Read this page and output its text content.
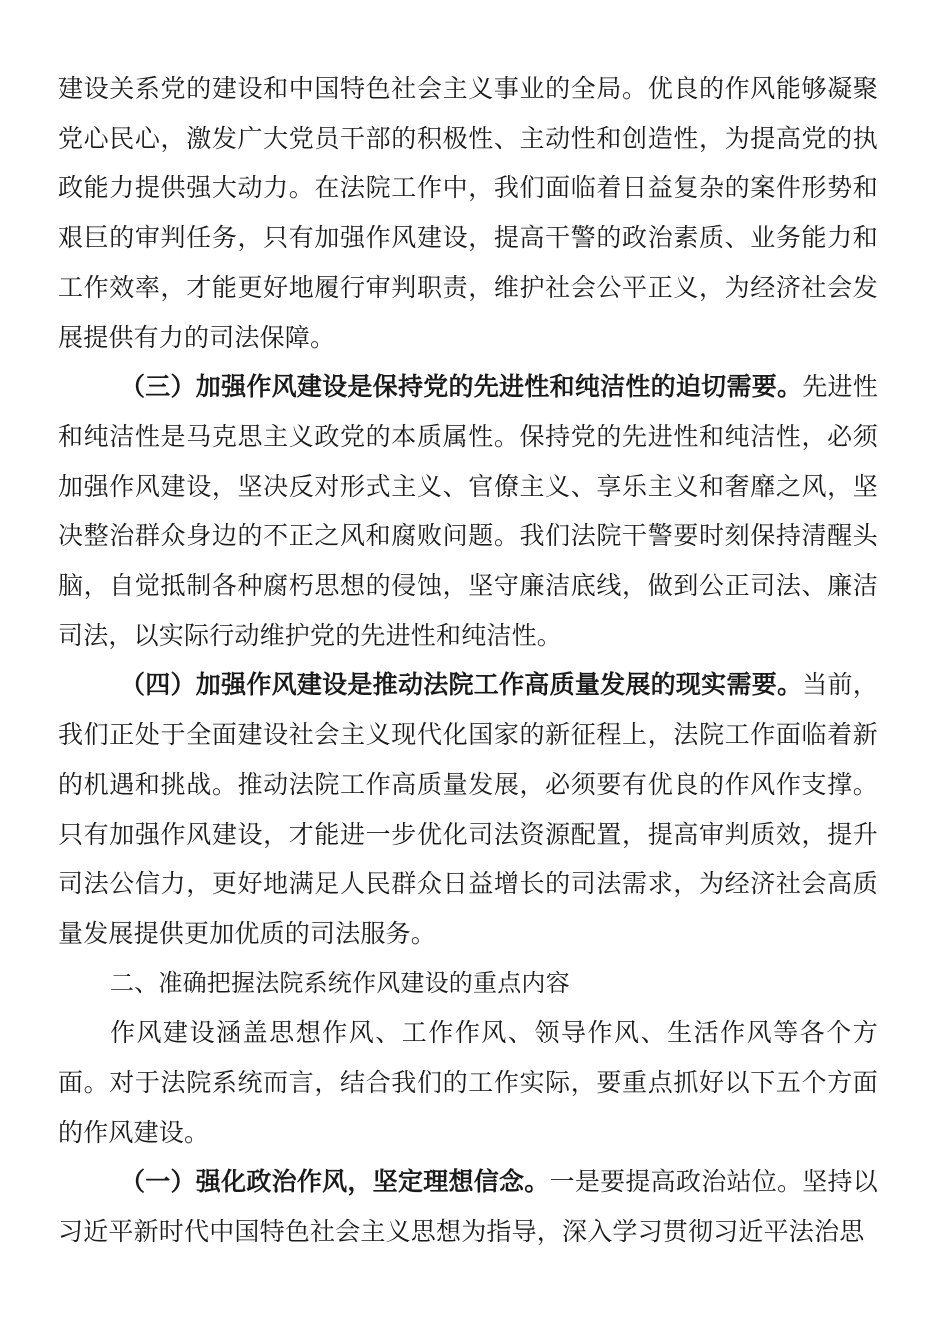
建设关系党的建设和中国特色社会主义事业的全局。优良的作风能够凝聚党心民心，激发广大党员干部的积极性、主动性和创造性，为提高党的执政能力提供强大动力。在法院工作中，我们面临着日益复杂的案件形势和艰巨的审判任务，只有加强作风建设，提高干警的政治素质、业务能力和工作效率，才能更好地履行审判职责，维护社会公平正义，为经济社会发展提供有力的司法保障。

（三）加强作风建设是保持党的先进性和纯洁性的迫切需要。先进性和纯洁性是马克思主义政党的本质属性。保持党的先进性和纯洁性，必须加强作风建设，坚决反对形式主义、官僚主义、享乐主义和奢靡之风，坚决整治群众身边的不正之风和腐败问题。我们法院干警要时刻保持清醒头脑，自觉抵制各种腐朽思想的侵蚀，坚守廉洁底线，做到公正司法、廉洁司法，以实际行动维护党的先进性和纯洁性。

（四）加强作风建设是推动法院工作高质量发展的现实需要。当前，我们正处于全面建设社会主义现代化国家的新征程上，法院工作面临着新的机遇和挑战。推动法院工作高质量发展，必须要有优良的作风作支撑。只有加强作风建设，才能进一步优化司法资源配置，提高审判质效，提升司法公信力，更好地满足人民群众日益增长的司法需求，为经济社会高质量发展提供更加优质的司法服务。

二、准确把握法院系统作风建设的重点内容

作风建设涵盖思想作风、工作作风、领导作风、生活作风等各个方面。对于法院系统而言，结合我们的工作实际，要重点抓好以下五个方面的作风建设。

（一）强化政治作风，坚定理想信念。一是要提高政治站位。坚持以习近平新时代中国特色社会主义思想为指导，深入学习贯彻习近平法治思
